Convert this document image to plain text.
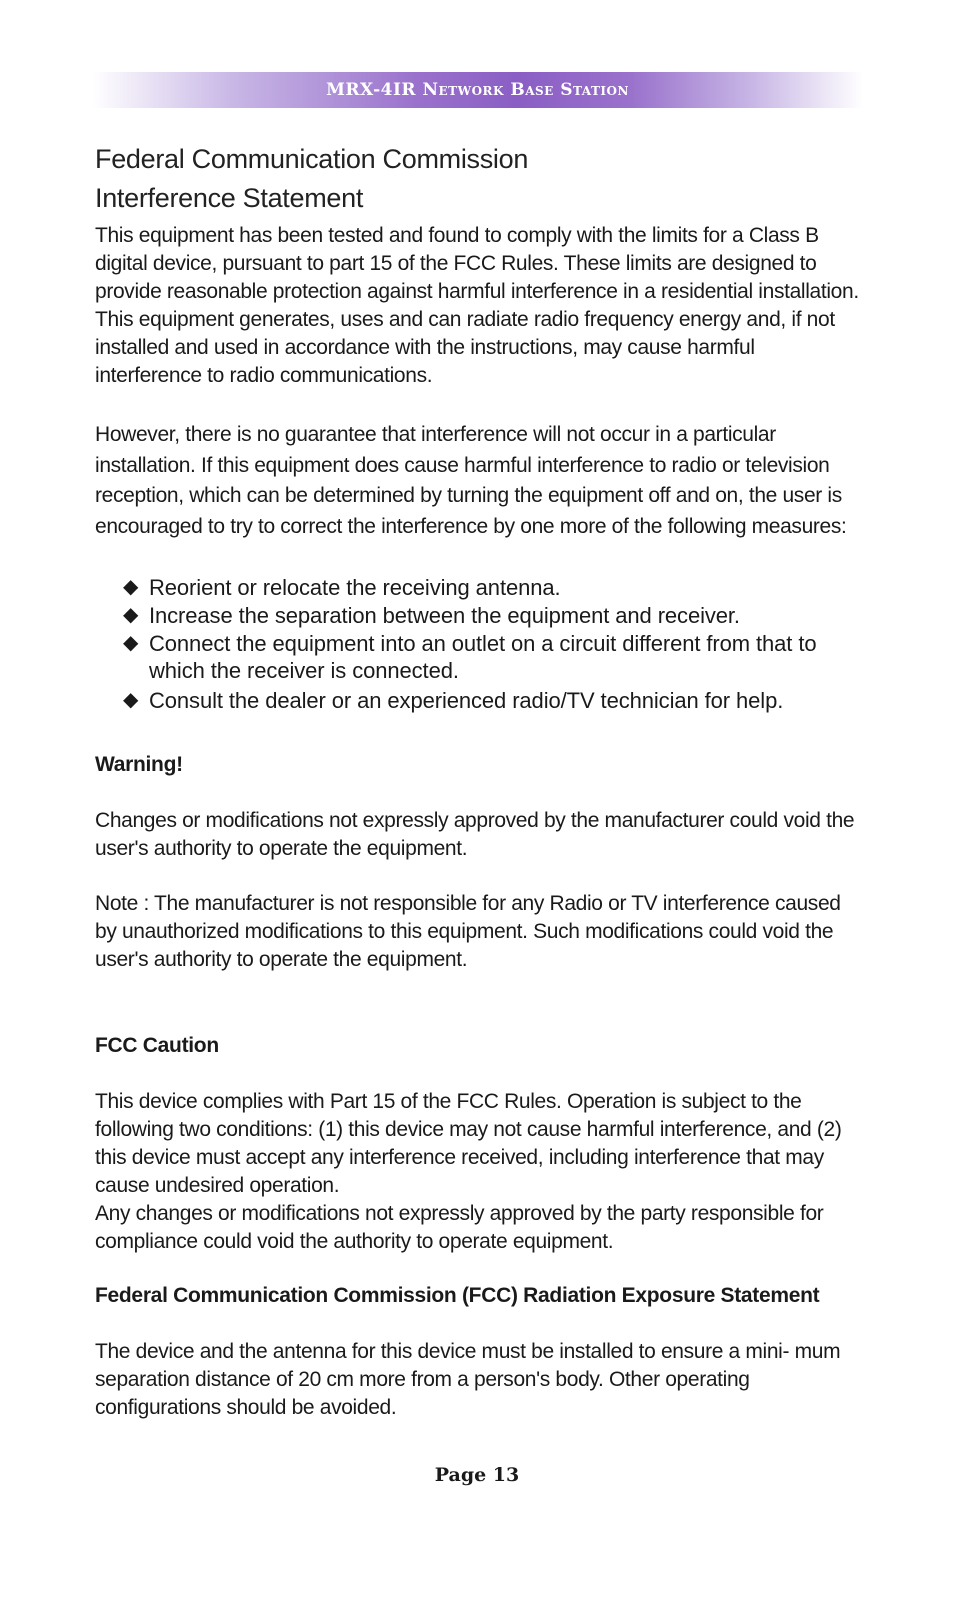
MRX-4IR Network Base Station
Federal Communication Commission
Interference Statement

This equipment has been tested and found to comply with the limits for a Class B digital device, pursuant to part 15 of the FCC Rules. These limits are designed to provide reasonable protection against harmful interference in a residential installation. This equipment generates, uses and can radiate radio frequency energy and, if not installed and used in accordance with the instructions, may cause harmful interference to radio communications.

However, there is no guarantee that interference will not occur in a particular installation. If this equipment does cause harmful interference to radio or television reception, which can be determined by turning the equipment off and on, the user is encouraged to try to correct the interference by one more of the following measures:

◆ Reorient or relocate the receiving antenna.
◆ Increase the separation between the equipment and receiver.
◆ Connect the equipment into an outlet on a circuit different from that to which the receiver is connected.
◆ Consult the dealer or an experienced radio/TV technician for help.
Warning!

Changes or modifications not expressly approved by the manufacturer could void the user's authority to operate the equipment.

Note : The manufacturer is not responsible for any Radio or TV interference caused by unauthorized modifications to this equipment. Such modifications could void the user's authority to operate the equipment.

FCC Caution

This device complies with Part 15 of the FCC Rules. Operation is subject to the following two conditions: (1) this device may not cause harmful interference, and (2) this device must accept any interference received, including interference that may cause undesired operation.

Any changes or modifications not expressly approved by the party responsible for compliance could void the authority to operate equipment.

Federal Communication Commission (FCC) Radiation Exposure Statement

The device and the antenna for this device must be installed to ensure a mini- mum separation distance of 20 cm more from a person's body. Other operating configurations should be avoided.

Page 13
